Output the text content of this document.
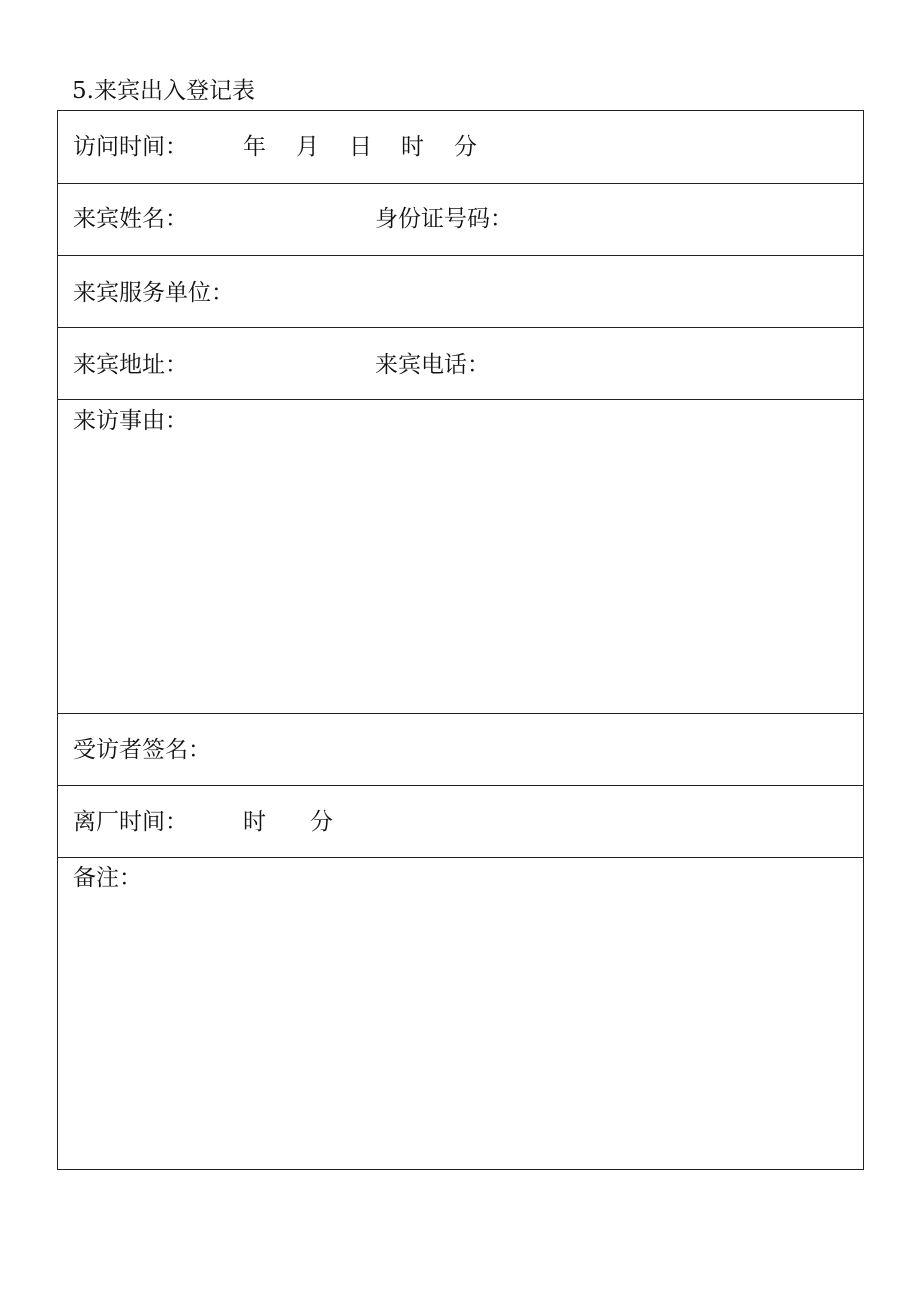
5.来宾出入登记表
访问时间： 年 月 日 时 分
来宾姓名：	身份证号码：
来宾服务单位：
来宾地址：	来宾电话：
来访事由：
受访者签名：
离厂时间： 时 分
备注：
